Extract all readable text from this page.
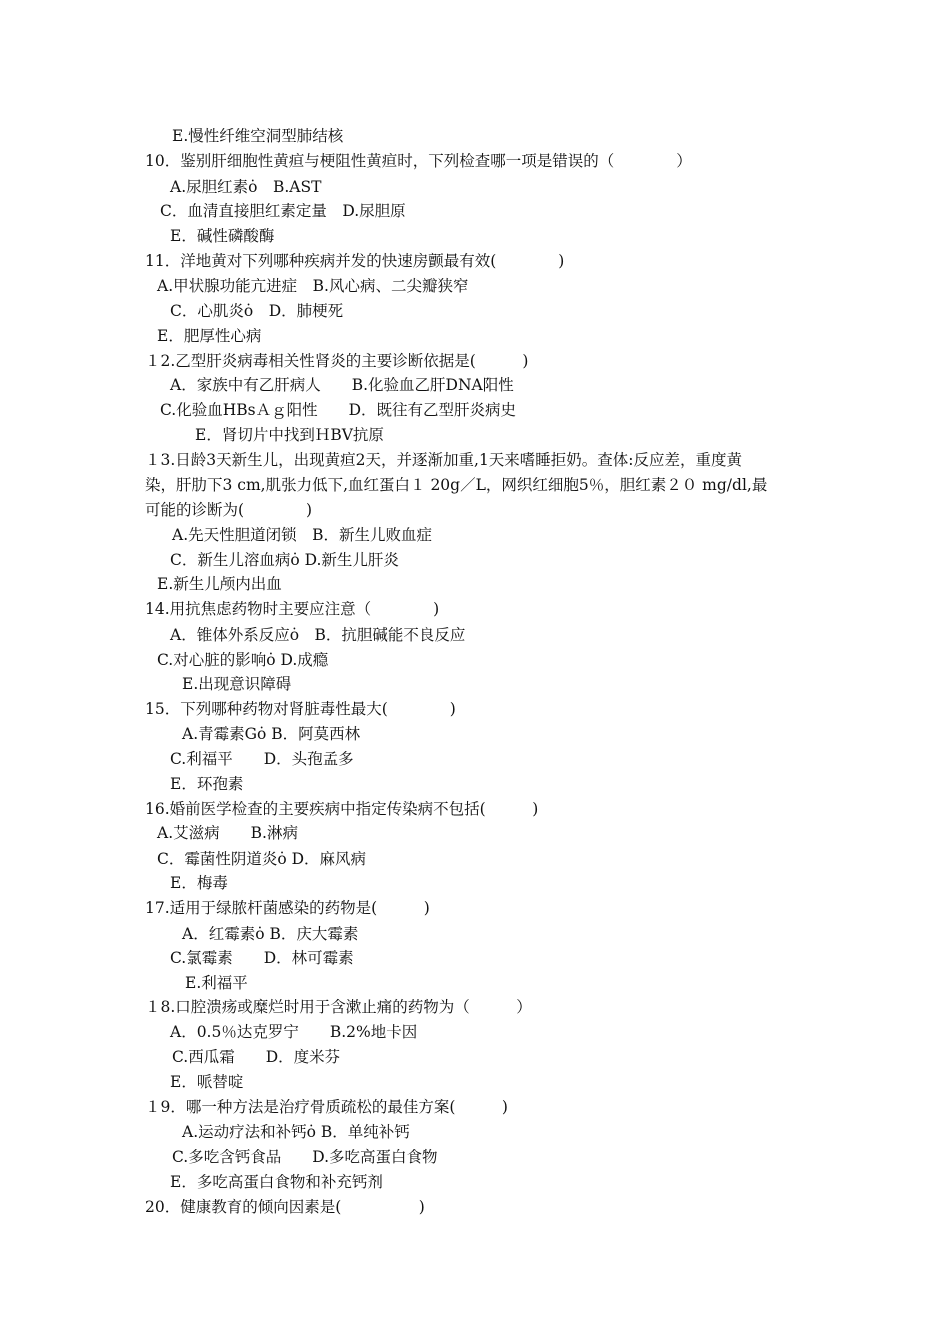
E.慢性纤维空洞型肺结核
10．鉴别肝细胞性黄疸与梗阻性黄疸时，下列检查哪一项是错误的（　　　　）
A.尿胆红素ȯ　B.AST
C．血清直接胆红素定量　D.尿胆原
E．碱性磷酸酶
11．洋地黄对下列哪种疾病并发的快速房颤最有效(　　　　)
A.甲状腺功能亢进症　B.风心病、二尖瓣狭窄
C．心肌炎ȯ　D．肺梗死
E．肥厚性心病
１2.乙型肝炎病毒相关性肾炎的主要诊断依据是(　　　)
A．家族中有乙肝病人　　B.化验血乙肝DNA阳性
C.化验血HBsＡｇ阳性　　D．既往有乙型肝炎病史
E．肾切片中找到ＨBV抗原
１3.日龄3天新生儿，出现黄疸2天，并逐渐加重,1天来嗜睡拒奶。查体:反应差，重度黄
染，肝肋下3 cm,肌张力低下,血红蛋白１ 20g／L，网织红细胞5％，胆红素２０ mg/dl,最
可能的诊断为(　　　　)
A.先天性胆道闭锁　B．新生儿败血症
C．新生儿溶血病ȯ D.新生儿肝炎
E.新生儿颅内出血
14.用抗焦虑药物时主要应注意（　　　　)
A．锥体外系反应ȯ　B．抗胆碱能不良反应
C.对心脏的影响ȯ D.成瘾
E.出现意识障碍
15．下列哪种药物对肾脏毒性最大(　　　　)
A.青霉素Gȯ B．阿莫西林
C.利福平　　D．头孢孟多
E．环孢素
16.婚前医学检查的主要疾病中指定传染病不包括(　　　)
A.艾滋病　　B.淋病
C．霉菌性阴道炎ȯ D．麻风病
E．梅毒
17.适用于绿脓杆菌感染的药物是(　　　)
A．红霉素ȯ B．庆大霉素
C.氯霉素　　D．林可霉素
E.利福平
１8.口腔溃疡或糜烂时用于含漱止痛的药物为（　　　）
A．0.5％达克罗宁　　B.2%地卡因
C.西瓜霜　　D．度米芬
E．哌替啶
１9．哪一种方法是治疗骨质疏松的最佳方案(　　　)
A.运动疗法和补钙ȯ B．单纯补钙
C.多吃含钙食品　　D.多吃高蛋白食物
E．多吃高蛋白食物和补充钙剂
20．健康教育的倾向因素是(　　　　　)
